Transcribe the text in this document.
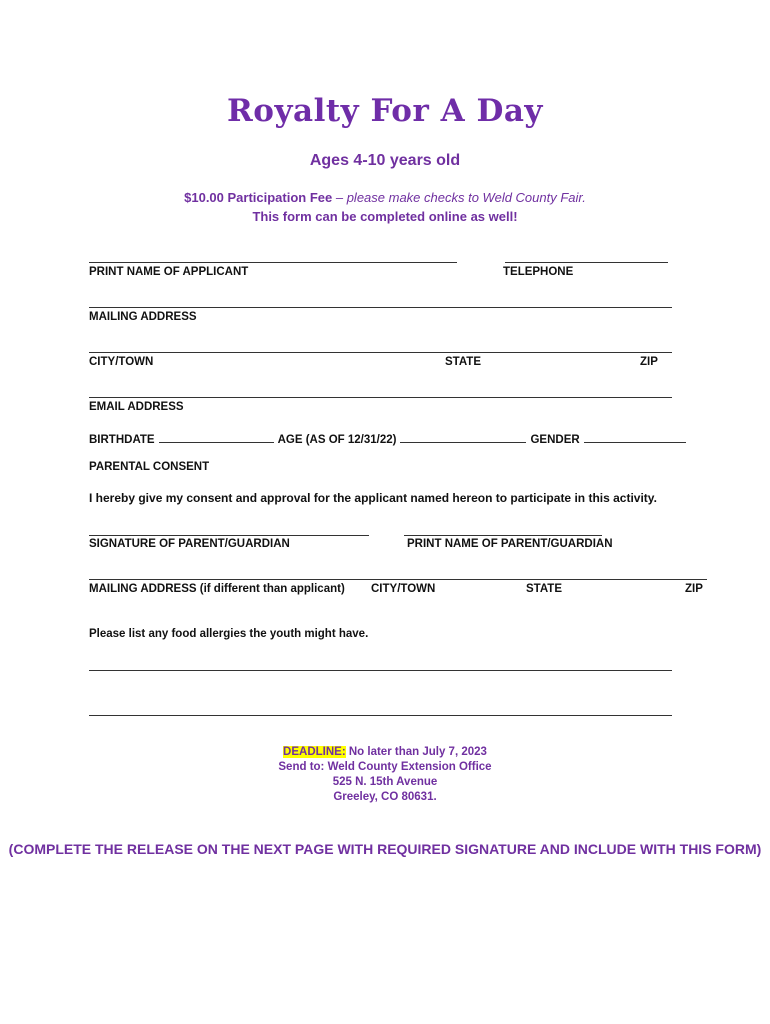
Royalty For A Day
Ages 4-10 years old
$10.00 Participation Fee – please make checks to Weld County Fair.
This form can be completed online as well!
PRINT NAME OF APPLICANT	TELEPHONE
MAILING ADDRESS
CITY/TOWN	STATE	ZIP
EMAIL ADDRESS
BIRTHDATE	AGE (AS OF 12/31/22)	GENDER
PARENTAL CONSENT
I hereby give my consent and approval for the applicant named hereon to participate in this activity.
SIGNATURE OF PARENT/GUARDIAN	PRINT NAME OF PARENT/GUARDIAN
MAILING ADDRESS (if different than applicant) CITY/TOWN	STATE	ZIP
Please list any food allergies the youth might have.
DEADLINE: No later than July 7, 2023
Send to: Weld County Extension Office
525 N. 15th Avenue
Greeley, CO 80631.
(COMPLETE THE RELEASE ON THE NEXT PAGE WITH REQUIRED SIGNATURE AND INCLUDE WITH THIS FORM)
